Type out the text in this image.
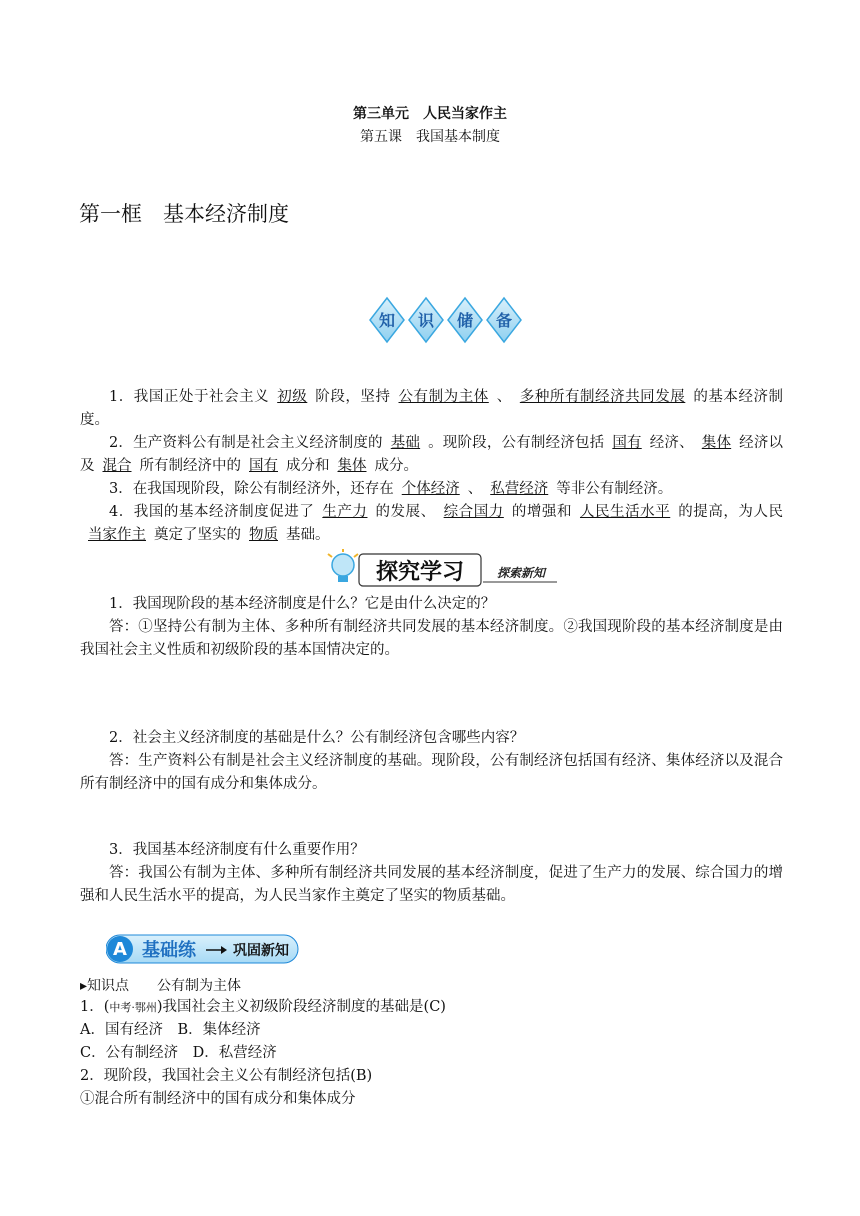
第三单元　人民当家作主
第五课　我国基本制度
第一框　基本经济制度
知 识 储 备

1．我国正处于社会主义 初级 阶段，坚持 公有制为主体 、 多种所有制经济共同发展 的基本经济制度。

2．生产资料公有制是社会主义经济制度的 基础 。现阶段，公有制经济包括 国有 经济、 集体 经济以及 混合 所有制经济中的 国有 成分和 集体 成分。

3．在我国现阶段，除公有制经济外，还存在 个体经济 、 私营经济 等非公有制经济。

4．我国的基本经济制度促进了 生产力 的发展、 综合国力 的增强和 人民生活水平 的提高，为人民当家作主 奠定了坚实的 物质 基础。

探究学习	探索新知

1．我国现阶段的基本经济制度是什么？它是由什么决定的？

答：①坚持公有制为主体、多种所有制经济共同发展的基本经济制度。②我国现阶段的基本经济制度是由我国社会主义性质和初级阶段的基本国情决定的。

2．社会主义经济制度的基础是什么？公有制经济包含哪些内容？

答：生产资料公有制是社会主义经济制度的基础。现阶段，公有制经济包括国有经济、集体经济以及混合所有制经济中的国有成分和集体成分。

3．我国基本经济制度有什么重要作用？

答：我国公有制为主体、多种所有制经济共同发展的基本经济制度，促进了生产力的发展、综合国力的增强和人民生活水平的提高，为人民当家作主奠定了坚实的物质基础。

A 基础练	巩固新知
▸知识点　　公有制为主体
1．(中考·鄂州)我国社会主义初级阶段经济制度的基础是(C)
A．国有经济　B．集体经济
C．公有制经济　D．私营经济
2．现阶段，我国社会主义公有制经济包括(B)
①混合所有制经济中的国有成分和集体成分
